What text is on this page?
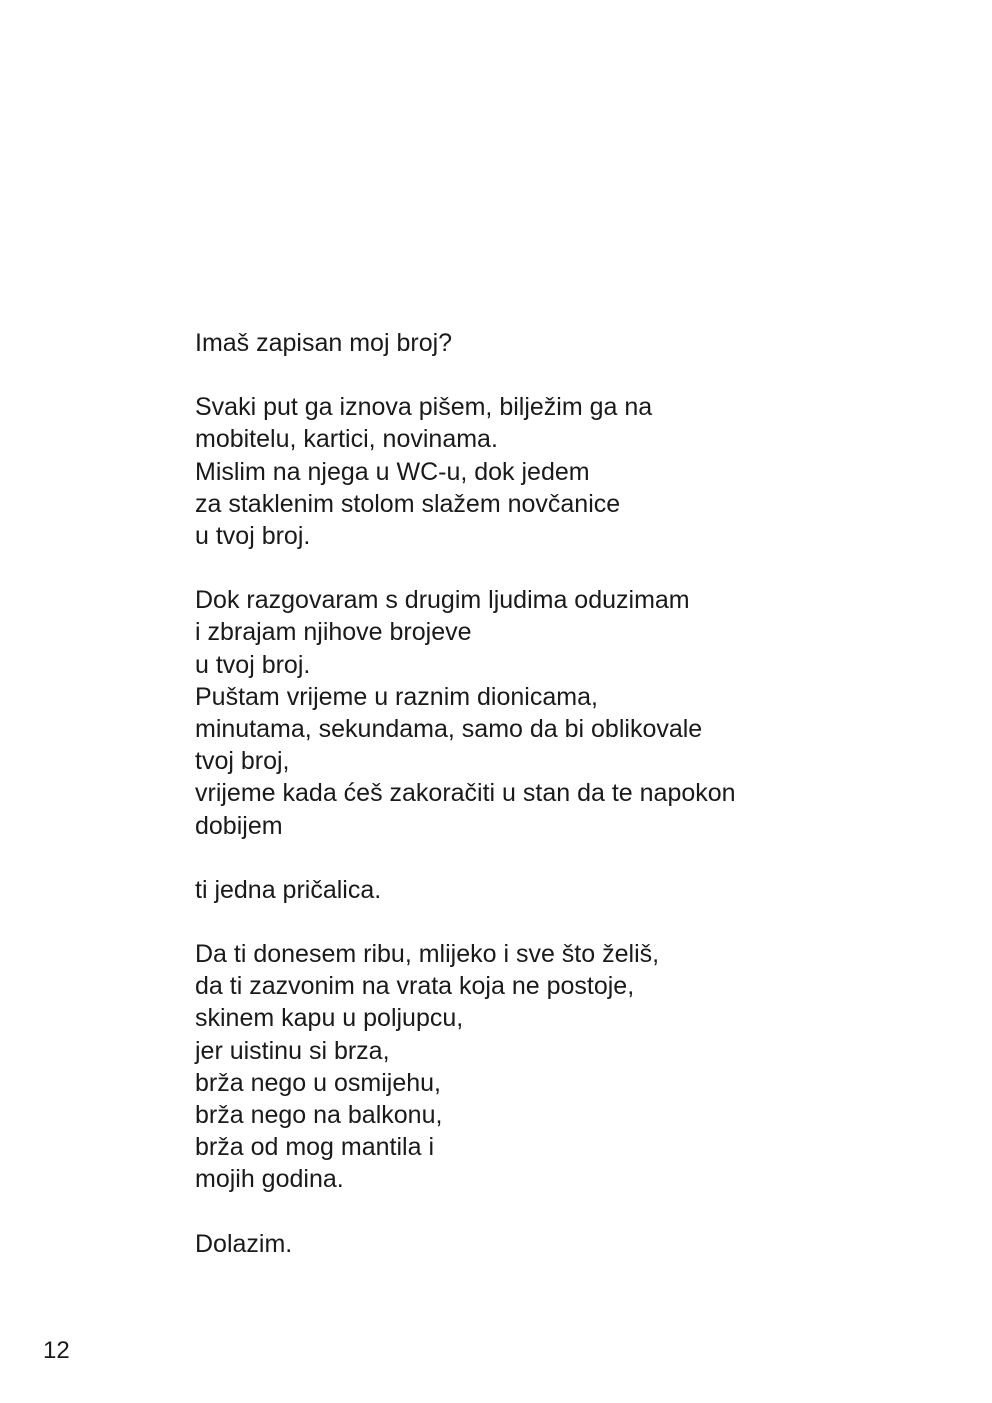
Imaš zapisan moj broj?
Svaki put ga iznova pišem, bilježim ga na
mobitelu, kartici, novinama.
Mislim na njega u WC-u, dok jedem
za staklenim stolom slažem novčanice
u tvoj broj.
Dok razgovaram s drugim ljudima oduzimam
i zbrajam njihove brojeve
u tvoj broj.
Puštam vrijeme u raznim dionicama,
minutama, sekundama, samo da bi oblikovale
tvoj broj,
vrijeme kada ćeš zakoračiti u stan da te napokon
dobijem
ti jedna pričalica.
Da ti donesem ribu, mlijeko i sve što želiš,
da ti zazvonim na vrata koja ne postoje,
skinem kapu u poljupcu,
jer uistinu si brza,
brža nego u osmijehu,
brža nego na balkonu,
brža od mog mantila i
mojih godina.
Dolazim.
12
